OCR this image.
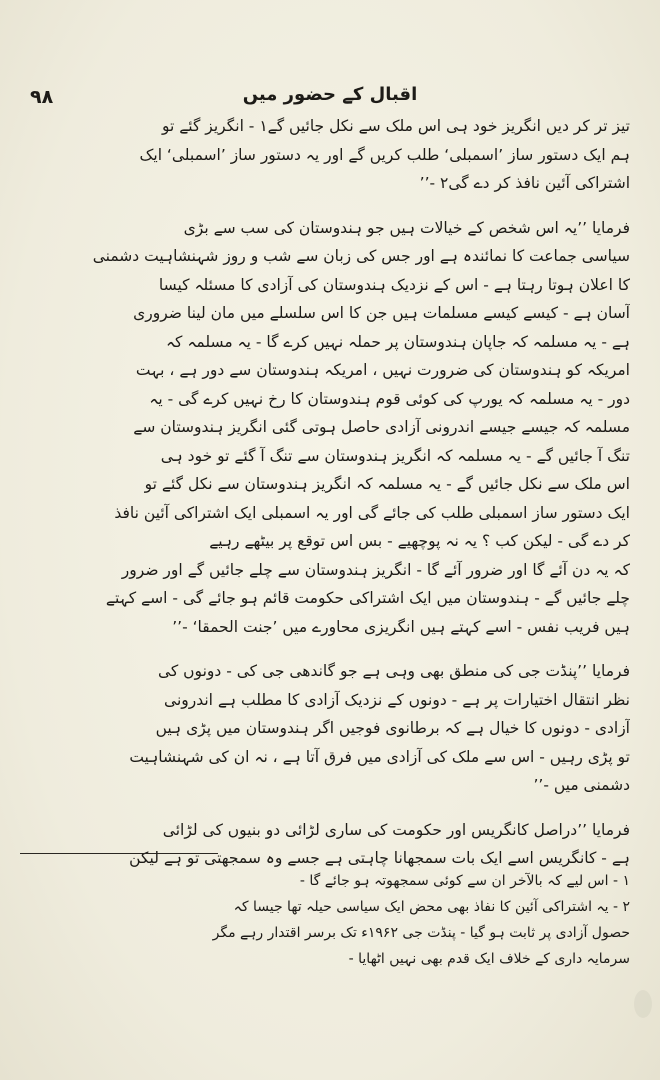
٩٨	اقبال کے حضور میں
تیز تر کر دیں انگریز خود ہی اس ملک سے نکل جائیں گے۱ - انگریز گئے تو
ہم ایک دستور ساز ’اسمبلی‘ طلب کریں گے اور یہ دستور ساز ’اسمبلی‘ ایک
اشتراکی آئین نافذ کر دے گی۲ -’’
فرمایا ’’یہ اس شخص کے خیالات ہیں جو ہندوستان کی سب سے بڑی
سیاسی جماعت کا نمائندہ ہے اور جس کی زبان سے شب و روز شہنشاہیت دشمنی
کا اعلان ہوتا رہتا ہے - اس کے نزدیک ہندوستان کی آزادی کا مسئلہ کیسا
آسان ہے - کیسے کیسے مسلمات ہیں جن کا اس سلسلے میں مان لینا ضروری
ہے - یہ مسلمہ کہ جاپان ہندوستان پر حملہ نہیں کرے گا - یہ مسلمہ کہ
امریکہ کو ہندوستان کی ضرورت نہیں ، امریکہ ہندوستان سے دور ہے ، بہت
دور - یہ مسلمہ کہ یورپ کی کوئی قوم ہندوستان کا رخ نہیں کرے گی - یہ
مسلمہ کہ جیسے جیسے اندرونی آزادی حاصل ہوتی گئی انگریز ہندوستان سے
تنگ آ جائیں گے - یہ مسلمہ کہ انگریز ہندوستان سے تنگ آ گئے تو خود ہی
اس ملک سے نکل جائیں گے - یہ مسلمہ کہ انگریز ہندوستان سے نکل گئے تو
ایک دستور ساز اسمبلی طلب کی جائے گی اور یہ اسمبلی ایک اشتراکی آئین نافذ
کر دے گی - لیکن کب ؟ یہ نہ پوچھیے - بس اس توقع پر بیٹھے رہیے
کہ یہ دن آئے گا اور ضرور آئے گا - انگریز ہندوستان سے چلے جائیں گے اور ضرور
چلے جائیں گے - ہندوستان میں ایک اشتراکی حکومت قائم ہو جائے گی - اسے کہتے
ہیں فریب نفس - اسے کہتے ہیں انگریزی محاورے میں ’جنت الحمقا‘ -’’
فرمایا ’’پنڈت جی کی منطق بھی وہی ہے جو گاندھی جی کی - دونوں کی
نظر انتقال اختیارات پر ہے - دونوں کے نزدیک آزادی کا مطلب ہے اندرونی
آزادی - دونوں کا خیال ہے کہ برطانوی فوجیں اگر ہندوستان میں پڑی ہیں
تو پڑی رہیں - اس سے ملک کی آزادی میں فرق آتا ہے ، نہ ان کی شہنشاہیت
دشمنی میں -’’
فرمایا ’’دراصل کانگریس اور حکومت کی ساری لڑائی دو بنیوں کی لڑائی
ہے - کانگریس اسے ایک بات سمجھانا چاہتی ہے جسے وہ سمجھتی تو ہے لیکن
۱ - اس لیے کہ بالآخر ان سے کوئی سمجھوتہ ہو جائے گا -
۲ - یہ اشتراکی آئین کا نفاذ بھی محض ایک سیاسی حیلہ تھا جیسا کہ
حصول آزادی پر ثابت ہو گیا - پنڈت جی ۱۹۶۲ء تک برسر اقتدار رہے مگر
سرمایہ داری کے خلاف ایک قدم بھی نہیں اٹھایا -
